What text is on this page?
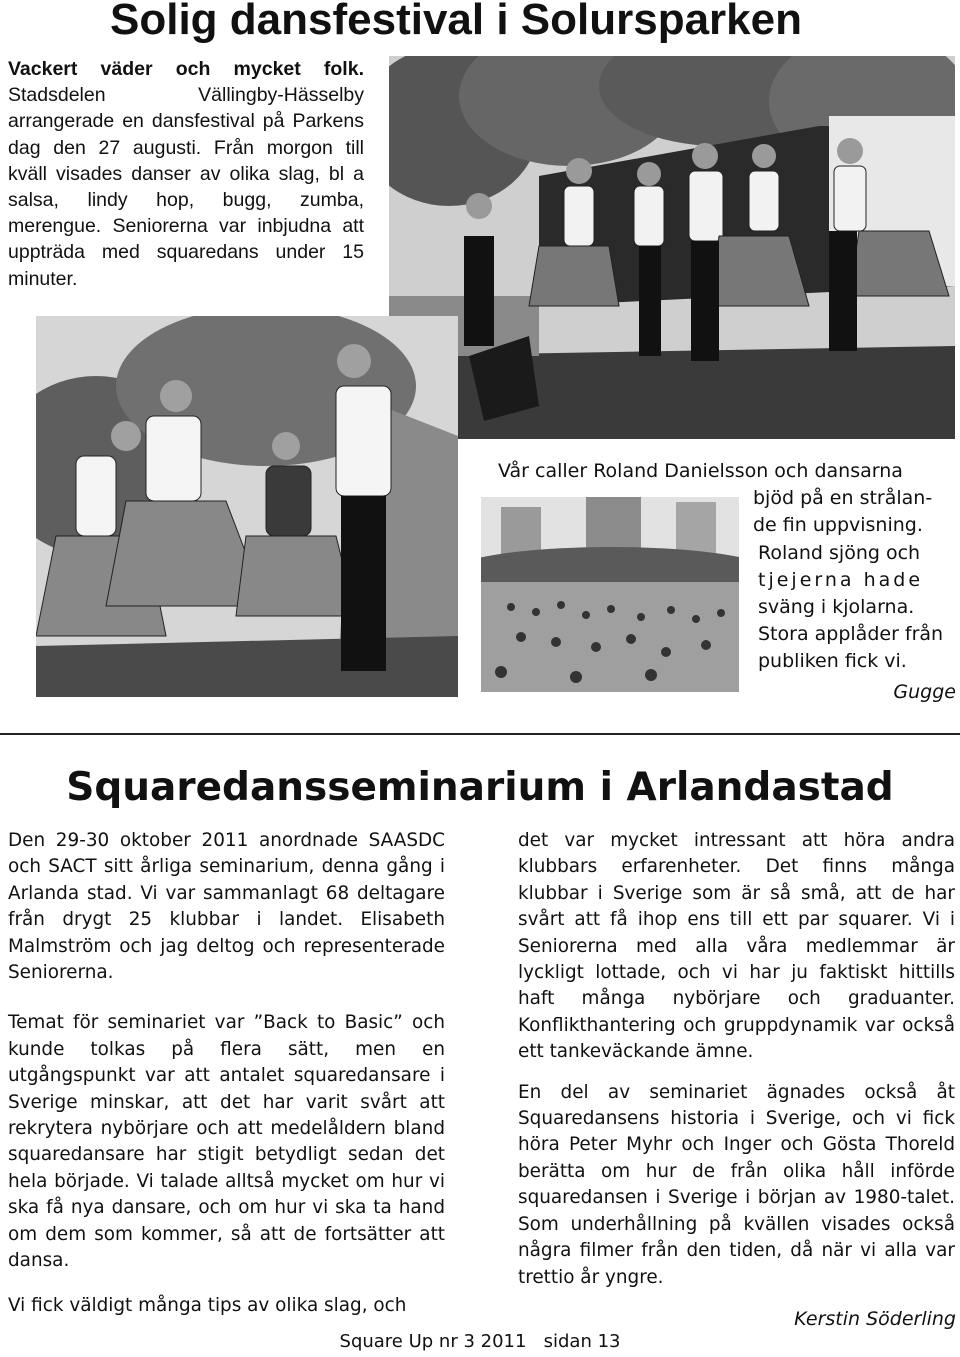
Solig dansfestival i Solursparken
Vackert väder och mycket folk. Stadsdelen Vällingby-Hässelby arrangerade en dansfestival på Parkens dag den 27 augusti. Från morgon till kväll visades danser av olika slag, bl a salsa, lindy hop, bugg, zumba, merengue. Seniorerna var inbjudna att uppträda med squaredans under 15 minuter.
Vår caller Roland Danielsson och dansarna
bjöd på en strålan-
de fin uppvisning.
Roland sjöng och
tjejerna hade
sväng i kjolarna.
Stora applåder från
publiken fick vi.
Gugge
Squaredansseminarium i Arlandastad

Den 29-30 oktober 2011 anordnade SAASDC och SACT sitt årliga seminarium, denna gång i Arlanda stad. Vi var sammanlagt 68 deltagare från drygt 25 klubbar i landet. Elisabeth Malmström och jag deltog och representerade Seniorerna.

Temat för seminariet var ”Back to Basic” och kunde tolkas på flera sätt, men en utgångspunkt var att antalet squaredansare i Sverige minskar, att det har varit svårt att rekrytera nybörjare och att medelåldern bland squaredansare har stigit betydligt sedan det hela började. Vi talade alltså mycket om hur vi ska få nya dansare, och om hur vi ska ta hand om dem som kommer, så att de fortsätter att dansa.

Vi fick väldigt många tips av olika slag, och

det var mycket intressant att höra andra klubbars erfarenheter. Det finns många klubbar i Sverige som är så små, att de har svårt att få ihop ens till ett par squarer. Vi i Seniorerna med alla våra medlemmar är lyckligt lottade, och vi har ju faktiskt hittills haft många nybörjare och graduanter. Konflikthantering och gruppdynamik var också ett tankeväckande ämne.

En del av seminariet ägnades också åt Squaredansens historia i Sverige, och vi fick höra Peter Myhr och Inger och Gösta Thoreld berätta om hur de från olika håll införde squaredansen i Sverige i början av 1980-talet. Som underhållning på kvällen visades också några filmer från den tiden, då när vi alla var trettio år yngre.

Kerstin Söderling
Square Up nr 3 2011   sidan 13
